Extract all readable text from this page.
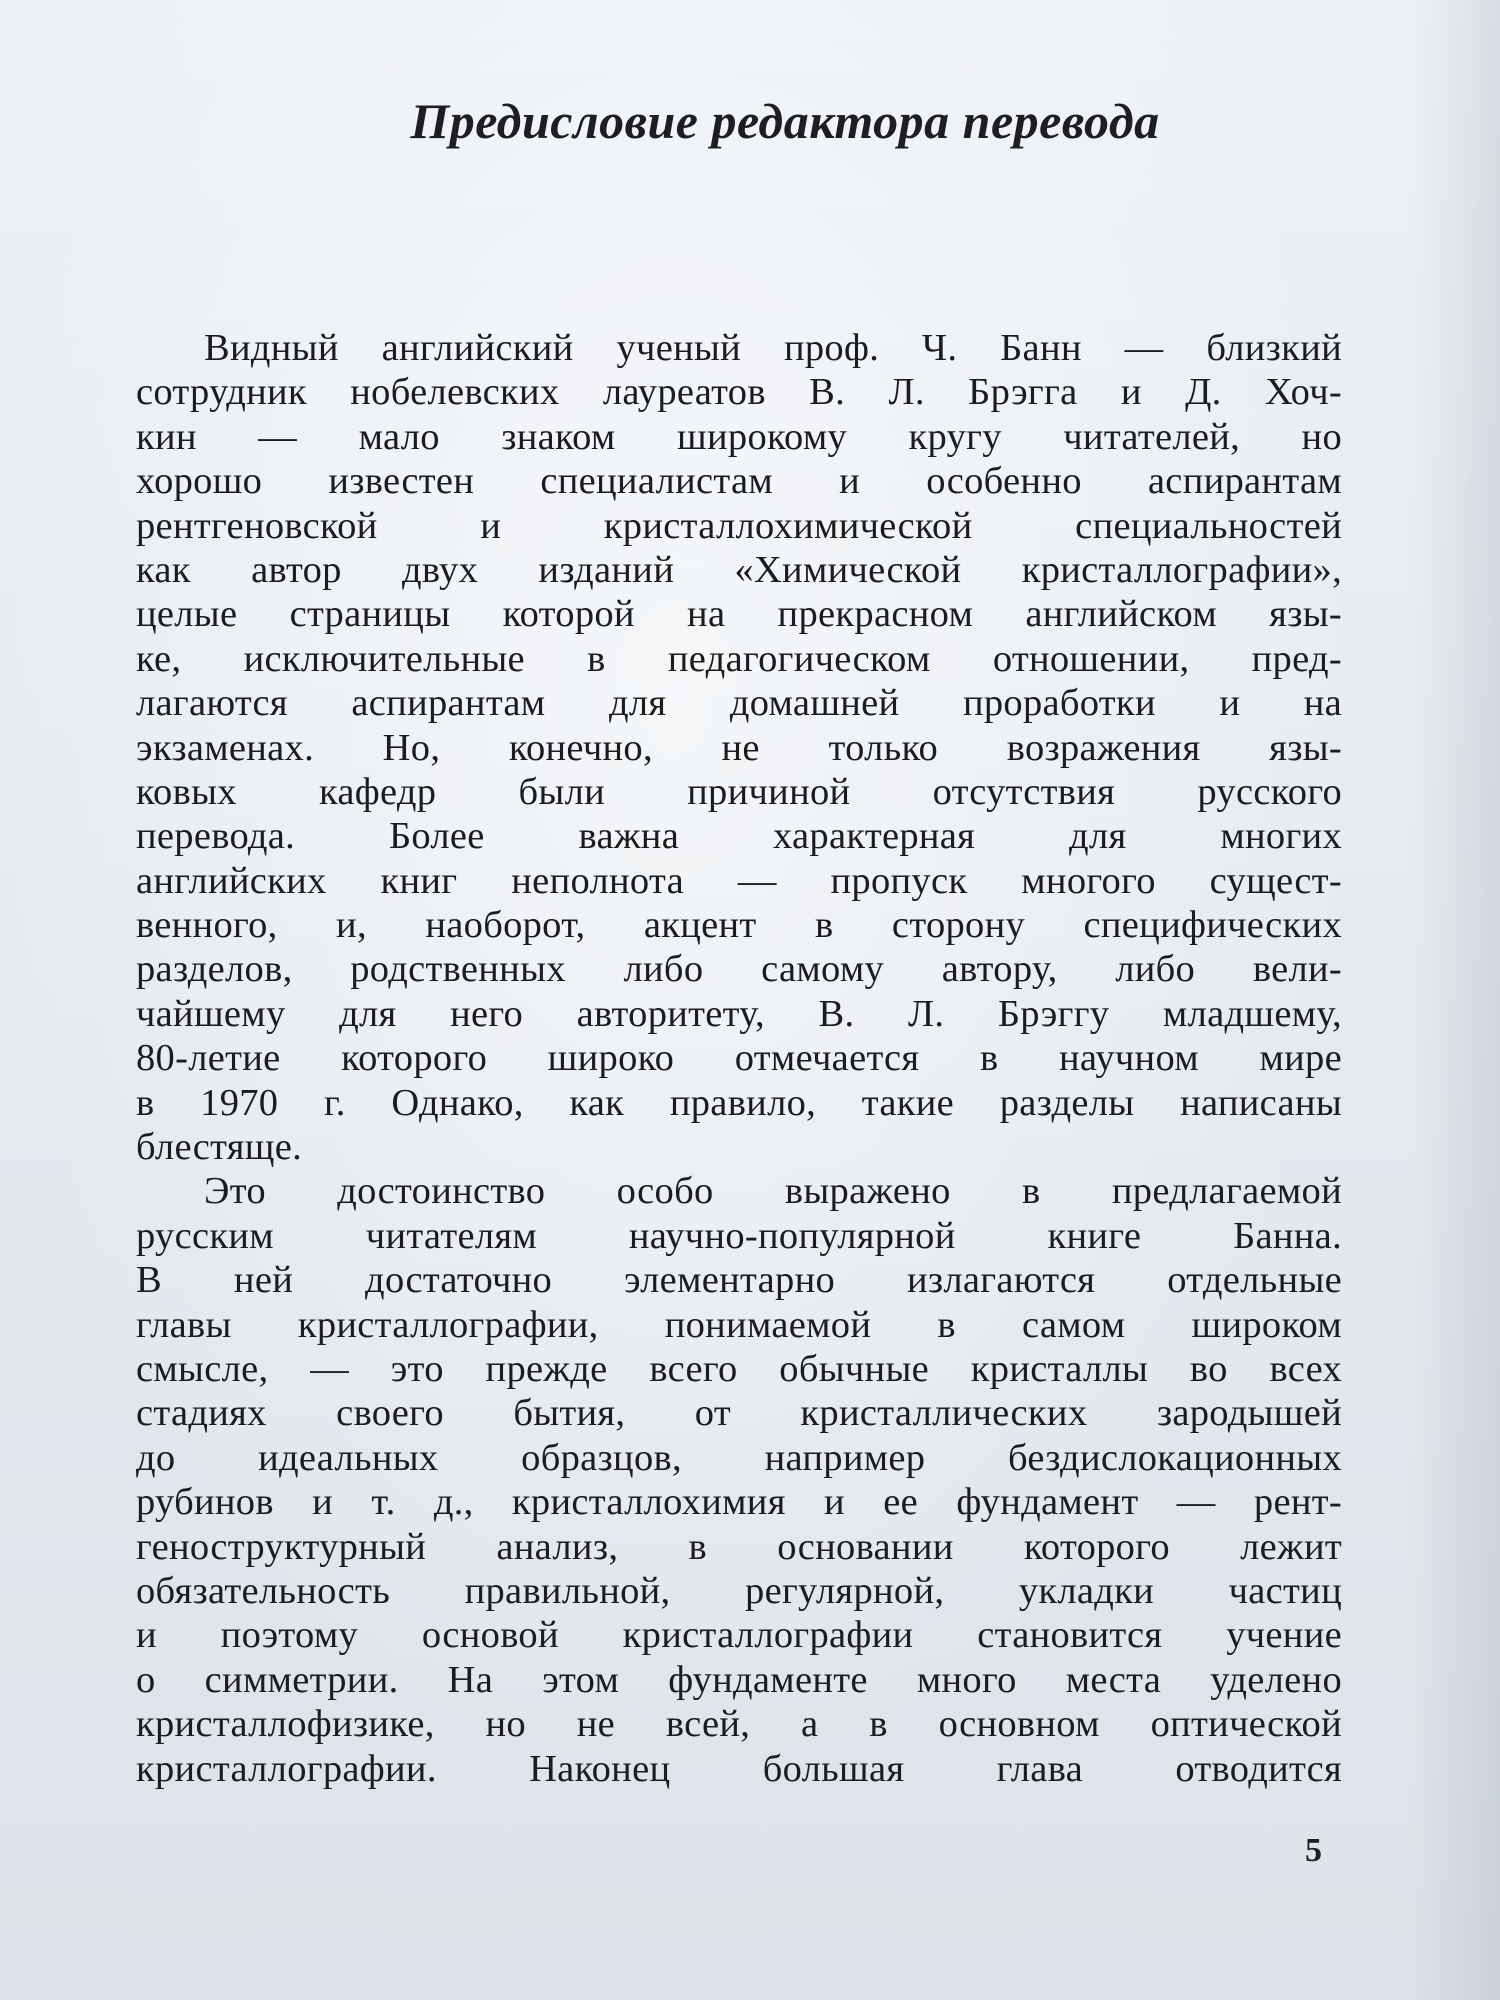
Предисловие редактора перевода
Видный английский ученый проф. Ч. Банн — близкий
сотрудник нобелевских лауреатов В. Л. Брэгга и Д. Хоч-
кин — мало знаком широкому кругу читателей, но
хорошо известен специалистам и особенно аспирантам
рентгеновской и кристаллохимической специальностей
как автор двух изданий «Химической кристаллографии»,
целые страницы которой на прекрасном английском язы-
ке, исключительные в педагогическом отношении, пред-
лагаются аспирантам для домашней проработки и на
экзаменах. Но, конечно, не только возражения язы-
ковых кафедр были причиной отсутствия русского
перевода. Более важна характерная для многих
английских книг неполнота — пропуск многого сущест-
венного, и, наоборот, акцент в сторону специфических
разделов, родственных либо самому автору, либо вели-
чайшему для него авторитету, В. Л. Брэггу младшему,
80-летие которого широко отмечается в научном мире
в 1970 г. Однако, как правило, такие разделы написаны
блестяще.
Это достоинство особо выражено в предлагаемой
русским читателям научно-популярной книге Банна.
В ней достаточно элементарно излагаются отдельные
главы кристаллографии, понимаемой в самом широком
смысле, — это прежде всего обычные кристаллы во всех
стадиях своего бытия, от кристаллических зародышей
до идеальных образцов, например бездислокационных
рубинов и т. д., кристаллохимия и ее фундамент — рент-
геноструктурный анализ, в основании которого лежит
обязательность правильной, регулярной, укладки частиц
и поэтому основой кристаллографии становится учение
о симметрии. На этом фундаменте много места уделено
кристаллофизике, но не всей, а в основном оптической
кристаллографии. Наконец большая глава отводится
5
